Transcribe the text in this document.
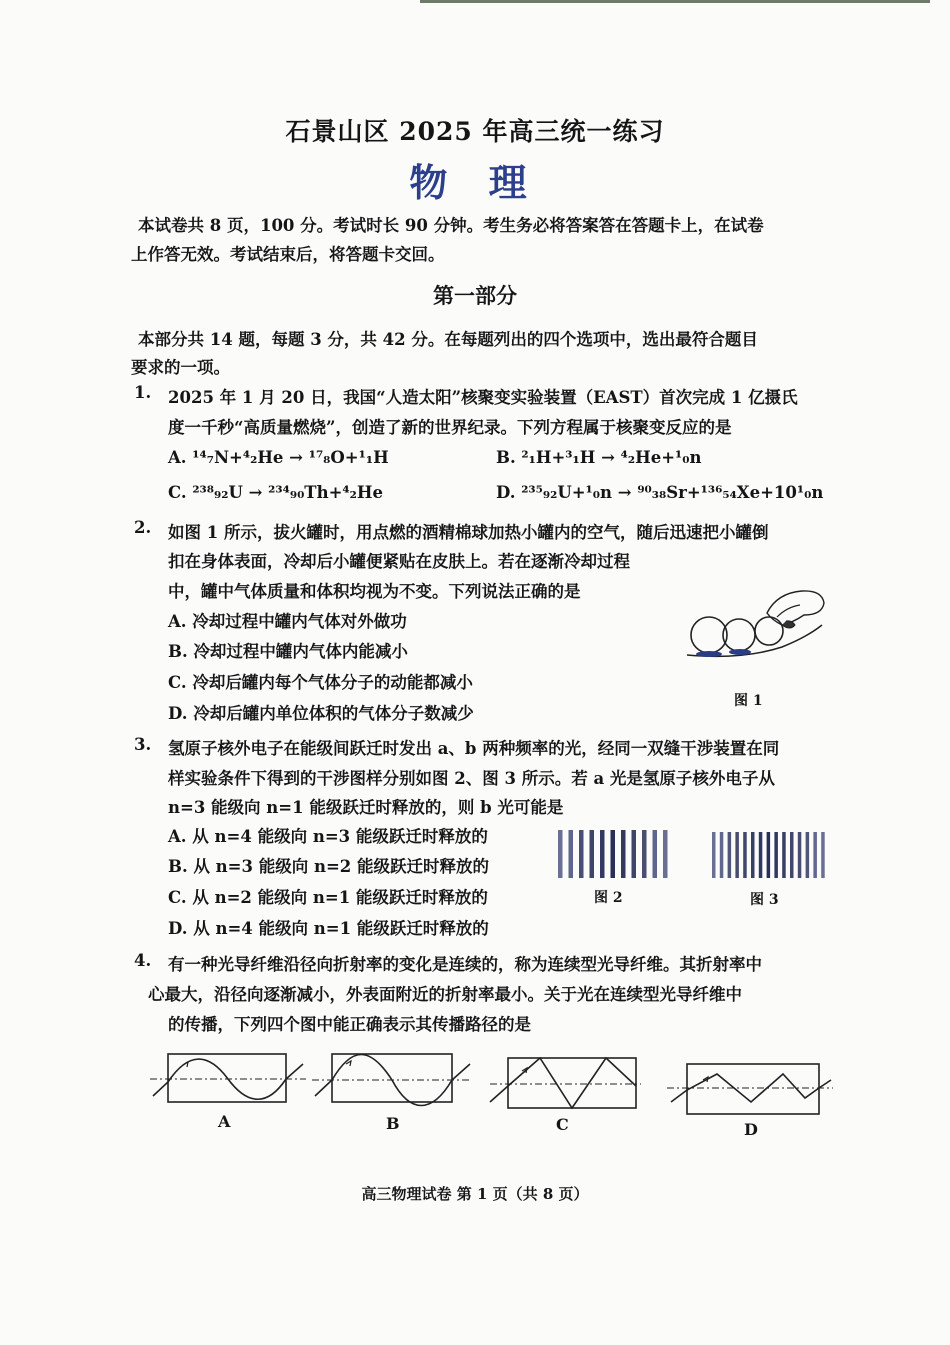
石景山区 2025 年高三统一练习
物 理
本试卷共 8 页，100 分。考试时长 90 分钟。考生务必将答案答在答题卡上，在试卷
上作答无效。考试结束后，将答题卡交回。
第一部分
本部分共 14 题，每题 3 分，共 42 分。在每题列出的四个选项中，选出最符合题目
要求的一项。
1. 2025 年 1 月 20 日，我国“人造太阳”核聚变实验装置（EAST）首次完成 1 亿摄氏
度一千秒“高质量燃烧”，创造了新的世界纪录。下列方程属于核聚变反应的是
A. ¹⁴₇N+⁴₂He → ¹⁷₈O+¹₁H	B. ²₁H+³₁H → ⁴₂He+¹₀n
C. ²³⁸₉₂U → ²³⁴₉₀Th+⁴₂He	D. ²³⁵₉₂U+¹₀n → ⁹⁰₃₈Sr+¹³⁶₅₄Xe+10¹₀n
2. 如图 1 所示，拔火罐时，用点燃的酒精棉球加热小罐内的空气，随后迅速把小罐倒
扣在身体表面，冷却后小罐便紧贴在皮肤上。若在逐渐冷却过程
中，罐中气体质量和体积均视为不变。下列说法正确的是
A. 冷却过程中罐内气体对外做功
B. 冷却过程中罐内气体内能减小
C. 冷却后罐内每个气体分子的动能都减小
D. 冷却后罐内单位体积的气体分子数减少
图 1
3. 氢原子核外电子在能级间跃迁时发出 a、b 两种频率的光，经同一双缝干涉装置在同
样实验条件下得到的干涉图样分别如图 2、图 3 所示。若 a 光是氢原子核外电子从
n=3 能级向 n=1 能级跃迁时释放的，则 b 光可能是
A. 从 n=4 能级向 n=3 能级跃迁时释放的
B. 从 n=3 能级向 n=2 能级跃迁时释放的
C. 从 n=2 能级向 n=1 能级跃迁时释放的
D. 从 n=4 能级向 n=1 能级跃迁时释放的
图 2	图 3
4. 有一种光导纤维沿径向折射率的变化是连续的，称为连续型光导纤维。其折射率中
心最大，沿径向逐渐减小，外表面附近的折射率最小。关于光在连续型光导纤维中
的传播，下列四个图中能正确表示其传播路径的是
A	B	C	D
高三物理试卷 第 1 页（共 8 页）
